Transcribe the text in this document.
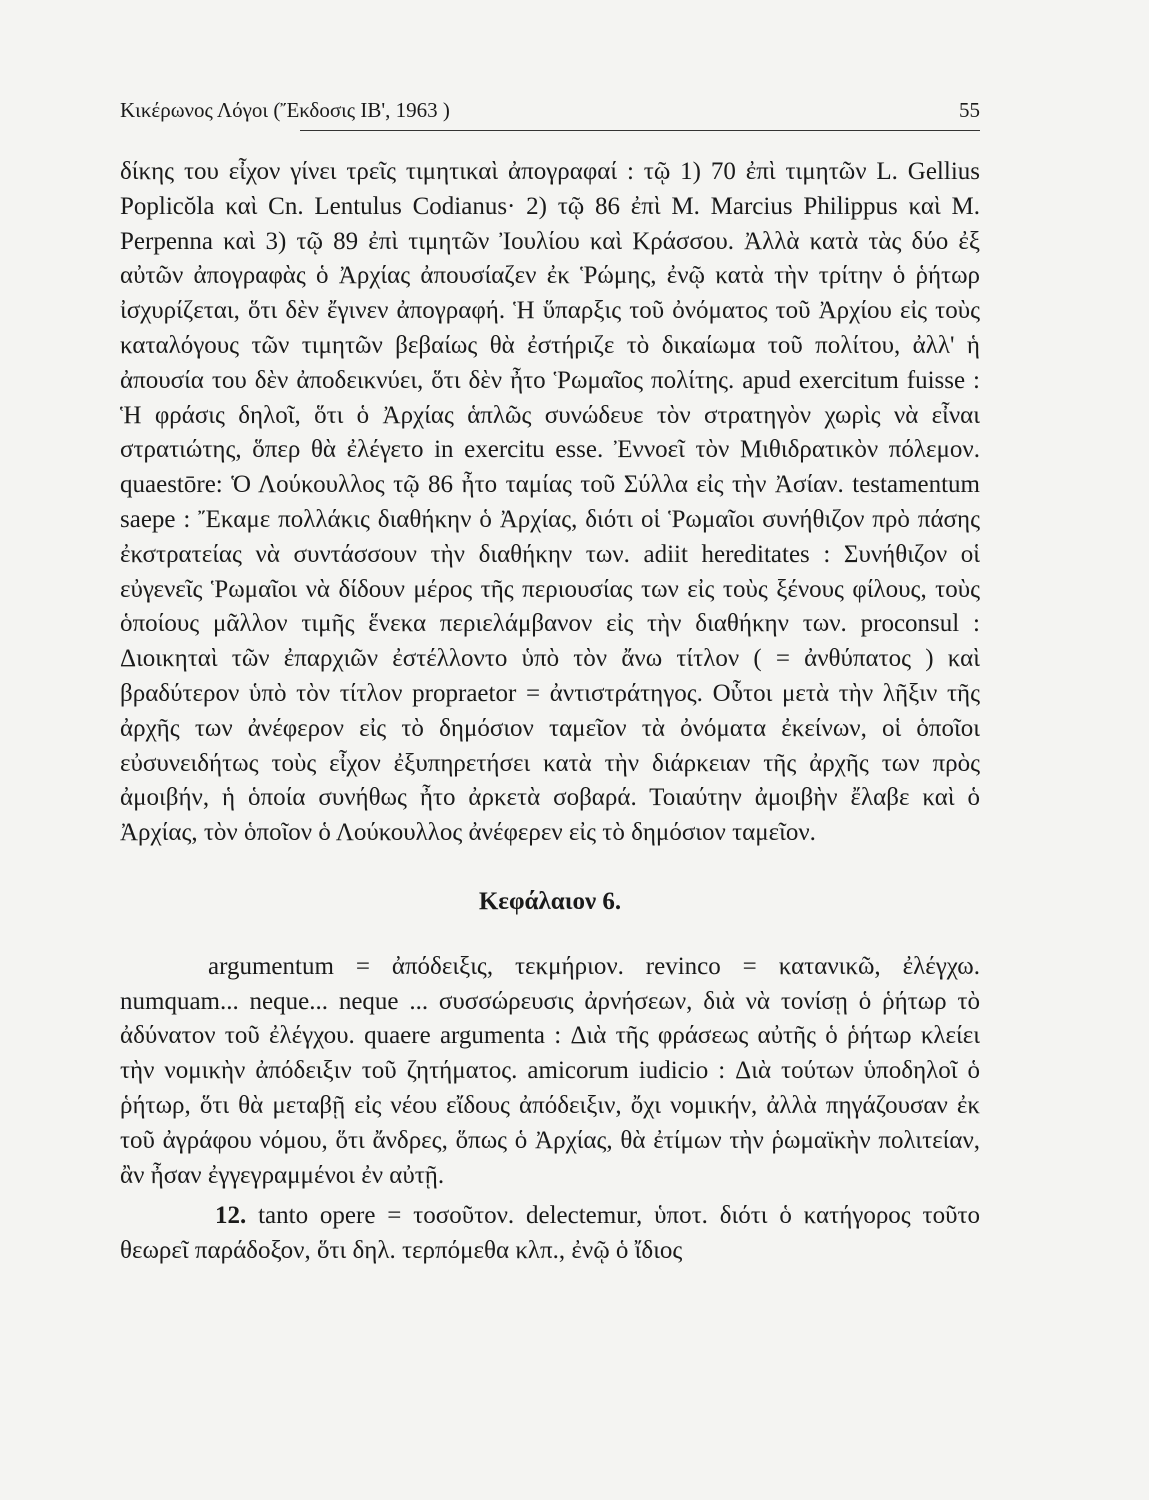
Κικέρωνος Λόγοι (Ἔκδοσις ΙΒ', 1963 )	55

δίκης του εἶχον γίνει τρεῖς τιμητικαὶ ἀπογραφαί : τῷ 1) 70 ἐπὶ τιμητῶν L. Gellius Poplicŏla καὶ Cn. Lentulus Codianus· 2) τῷ 86 ἐπὶ M. Marcius Philippus καὶ M. Perpenna καὶ 3) τῷ 89 ἐπὶ τιμητῶν Ἰουλίου καὶ Κράσσου. Ἀλλὰ κατὰ τὰς δύο ἐξ αὐτῶν ἀπογραφὰς ὁ Ἀρχίας ἀπουσίαζεν ἐκ Ῥώμης, ἐνῷ κατὰ τὴν τρίτην ὁ ῥήτωρ ἰσχυρίζεται, ὅτι δὲν ἔγινεν ἀπογραφή. Ἡ ὕπαρξις τοῦ ὀνόματος τοῦ Ἀρχίου εἰς τοὺς καταλόγους τῶν τιμητῶν βεβαίως θὰ ἐστήριζε τὸ δικαίωμα τοῦ πολίτου, ἀλλ' ἡ ἀπουσία του δὲν ἀποδεικνύει, ὅτι δὲν ἦτο Ῥωμαῖος πολίτης. apud exercitum fuisse : Ἡ φράσις δηλοῖ, ὅτι ὁ Ἀρχίας ἁπλῶς συνώδευε τὸν στρατηγὸν χωρὶς νὰ εἶναι στρατιώτης, ὅπερ θὰ ἐλέγετο in exercitu esse. Ἐννοεῖ τὸν Μιθιδρατικὸν πόλεμον. quaestōre: Ὁ Λούκουλλος τῷ 86 ἦτο ταμίας τοῦ Σύλλα εἰς τὴν Ἀσίαν. testamentum saepe : Ἔκαμε πολλάκις διαθήκην ὁ Ἀρχίας, διότι οἱ Ῥωμαῖοι συνήθιζον πρὸ πάσης ἐκστρατείας νὰ συντάσσουν τὴν διαθήκην των. adiit hereditates : Συνήθιζον οἱ εὐγενεῖς Ῥωμαῖοι νὰ δίδουν μέρος τῆς περιουσίας των εἰς τοὺς ξένους φίλους, τοὺς ὁποίους μᾶλλον τιμῆς ἕνεκα περιελάμβανον εἰς τὴν διαθήκην των. proconsul : Διοικηταὶ τῶν ἐπαρχιῶν ἐστέλλοντο ὑπὸ τὸν ἄνω τίτλον ( = ἀνθύπατος ) καὶ βραδύτερον ὑπὸ τὸν τίτλον propraetor = ἀντιστράτηγος. Οὗτοι μετὰ τὴν λῆξιν τῆς ἀρχῆς των ἀνέφερον εἰς τὸ δημόσιον ταμεῖον τὰ ὀνόματα ἐκείνων, οἱ ὁποῖοι εὐσυνειδήτως τοὺς εἶχον ἐξυπηρετήσει κατὰ τὴν διάρκειαν τῆς ἀρχῆς των πρὸς ἀμοιβήν, ἡ ὁποία συνήθως ἦτο ἀρκετὰ σοβαρά. Τοιαύτην ἀμοιβὴν ἔλαβε καὶ ὁ Ἀρχίας, τὸν ὁποῖον ὁ Λούκουλλος ἀνέφερεν εἰς τὸ δημόσιον ταμεῖον.

Κεφάλαιον 6.

argumentum = ἀπόδειξις, τεκμήριον. revinco = κατανικῶ, ἐλέγχω. numquam... neque... neque ... συσσώρευσις ἀρνήσεων, διὰ νὰ τονίσῃ ὁ ῥήτωρ τὸ ἀδύνατον τοῦ ἐλέγχου. quaere argumenta : Διὰ τῆς φράσεως αὐτῆς ὁ ῥήτωρ κλείει τὴν νομικὴν ἀπόδειξιν τοῦ ζητήματος. amicorum iudicio : Διὰ τούτων ὑποδηλοῖ ὁ ῥήτωρ, ὅτι θὰ μεταβῇ εἰς νέου εἴδους ἀπόδειξιν, ὄχι νομικήν, ἀλλὰ πηγάζουσαν ἐκ τοῦ ἀγράφου νόμου, ὅτι ἄνδρες, ὅπως ὁ Ἀρχίας, θὰ ἐτίμων τὴν ῥωμαϊκὴν πολιτείαν, ἂν ἦσαν ἐγγεγραμμένοι ἐν αὐτῇ.

12. tanto opere = τοσοῦτον. delectemur, ὑποτ. διότι ὁ κατήγορος τοῦτο θεωρεῖ παράδοξον, ὅτι δηλ. τερπόμεθα κλπ., ἐνῷ ὁ ἴδιος
